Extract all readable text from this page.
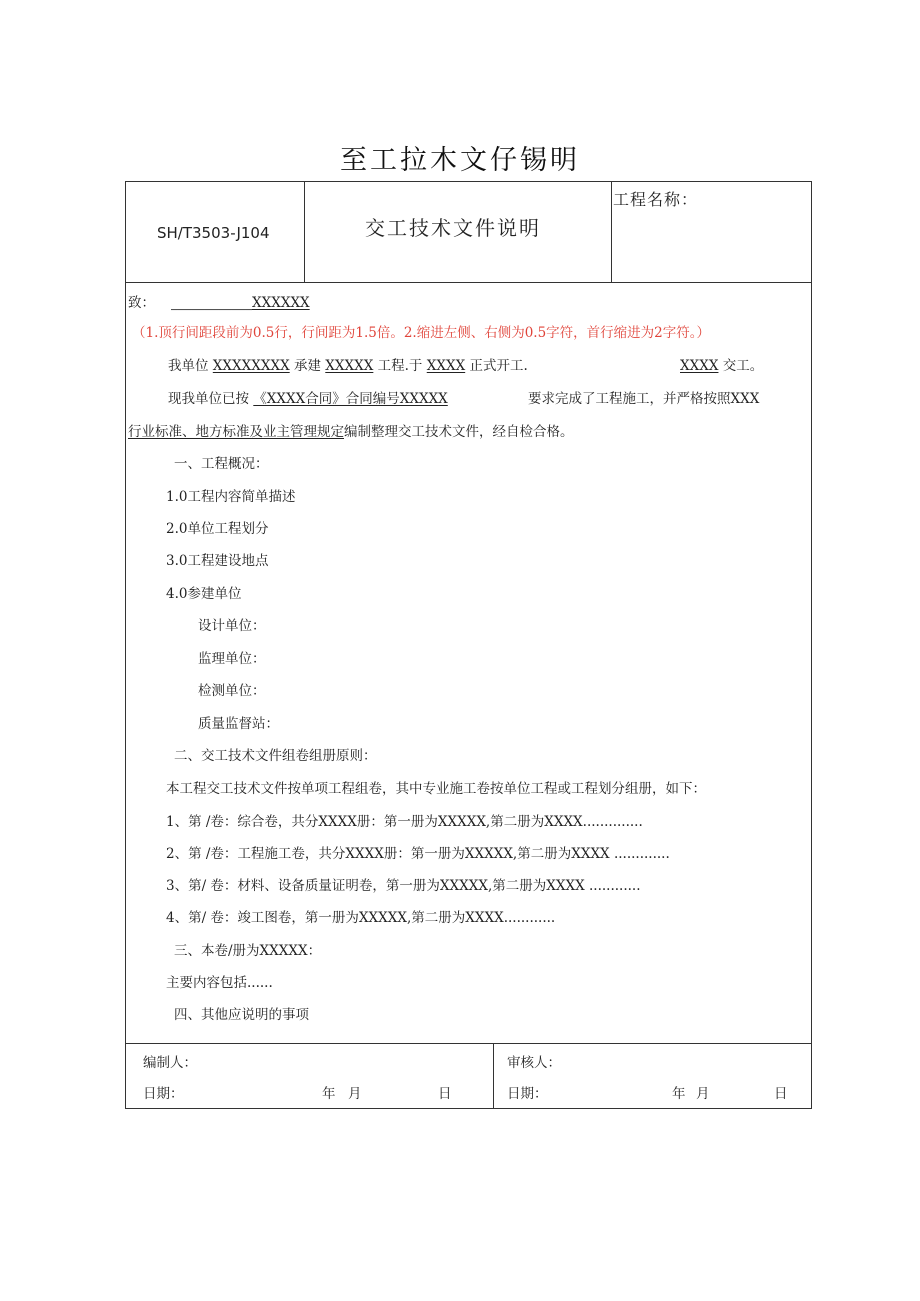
至工拉木文仔锡明
SH/T3503-J104	交工技术文件说明
工程名称：
致： ____________XXXXXX
（1.顶行间距段前为0.5行，行间距为1.5倍。2.缩进左侧、右侧为0.5字符，首行缩进为2字符。）
我单位 XXXXXXXX 承建 XXXXX 工程.于 XXXX 正式开工.	XXXX 交工。
现我单位已按 《XXXX合同》合同编号XXXXX	要求完成了工程施工，并严格按照XXX
行业标准、地方标准及业主管理规定编制整理交工技术文件，经自检合格。
一、工程概况：
1.0工程内容简单描述
2.0单位工程划分
3.0工程建设地点
4.0参建单位
设计单位：
监理单位：
检测单位：
质量监督站：
二、交工技术文件组卷组册原则：
本工程交工技术文件按单项工程组卷，其中专业施工卷按单位工程或工程划分组册，如下：
1、第 /卷：综合卷，共分XXXX册：第一册为XXXXX,第二册为XXXX..............
2、第 /卷：工程施工卷，共分XXXX册：第一册为XXXXX,第二册为XXXX .............
3、第/ 卷：材料、设备质量证明卷，第一册为XXXXX,第二册为XXXX ............
4、第/ 卷：竣工图卷，第一册为XXXXX,第二册为XXXX............
三、本卷/册为XXXXX：
主要内容包括......
四、其他应说明的事项
编制人：
日期：	年 月	日
审核人：
日期：	年 月	日
